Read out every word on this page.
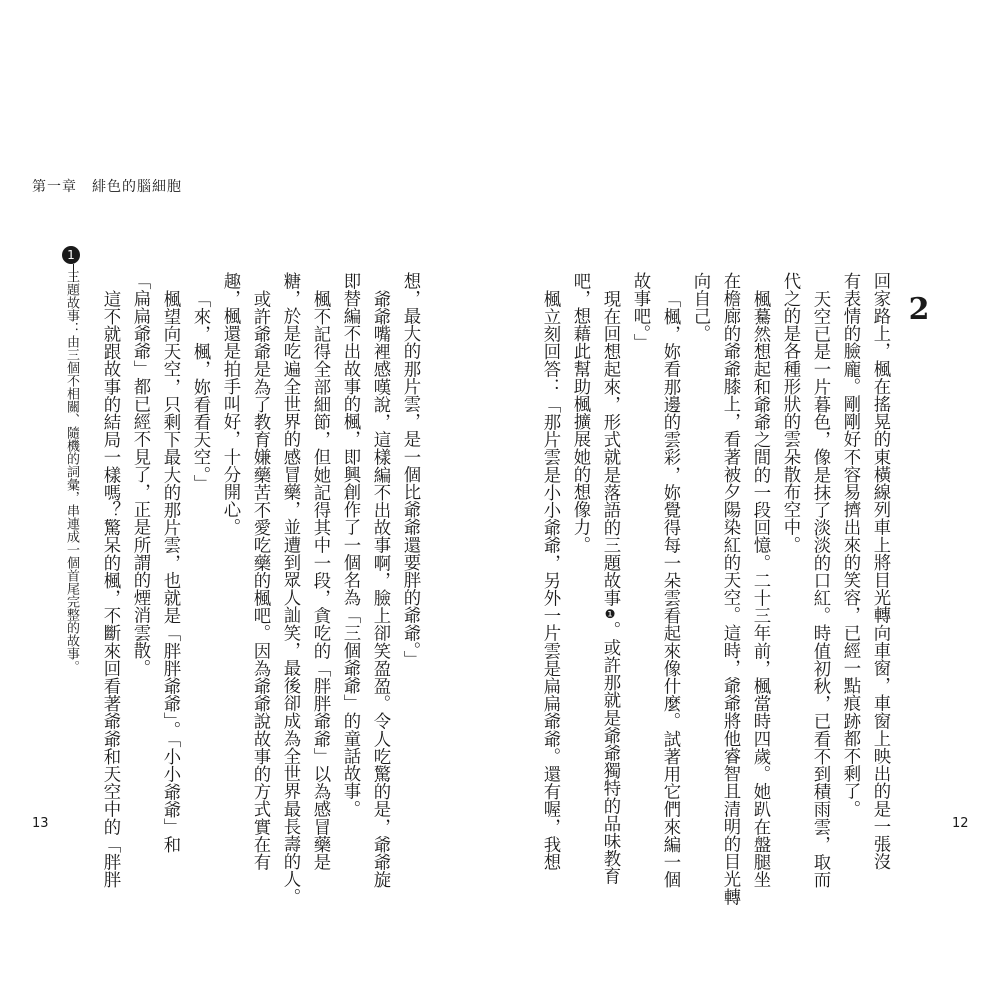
第一章　緋色的腦細胞
2
回家路上，楓在搖晃的東橫線列車上將目光轉向車窗，車窗上映出的是一張沒
有表情的臉龐。剛剛好不容易擠出來的笑容，已經一點痕跡都不剩了。
天空已是一片暮色，像是抹了淡淡的口紅。時值初秋，已看不到積雨雲，取而
代之的是各種形狀的雲朵散布空中。
楓驀然想起和爺爺之間的一段回憶。二十三年前，楓當時四歲。她趴在盤腿坐
在檐廊的爺爺膝上，看著被夕陽染紅的天空。這時，爺爺將他睿智且清明的目光轉
向自己。
「楓，妳看那邊的雲彩，妳覺得每一朵雲看起來像什麼。試著用它們來編一個
故事吧。」
現在回想起來，形式就是落語的三題故事❶。或許那就是爺爺獨特的品味教育
吧，想藉此幫助楓擴展她的想像力。
楓立刻回答：「那片雲是小小爺爺，另外一片雲是扁扁爺爺。還有喔，我想	12
想，最大的那片雲，是一個比爺爺還要胖的爺爺。」
爺爺嘴裡感嘆說，這樣編不出故事啊，臉上卻笑盈盈。令人吃驚的是，爺爺旋
即替編不出故事的楓，即興創作了一個名為「三個爺爺」的童話故事。
楓不記得全部細節，但她記得其中一段，貪吃的「胖胖爺爺」以為感冒藥是
糖，於是吃遍全世界的感冒藥，並遭到眾人訕笑，最後卻成為全世界最長壽的人。
或許爺爺是為了教育嫌藥苦不愛吃藥的楓吧。因為爺爺說故事的方式實在有
趣，楓還是拍手叫好，十分開心。
「來，楓，妳看看天空。」
楓望向天空，只剩下最大的那片雲，也就是「胖胖爺爺」。「小小爺爺」和
「扁扁爺爺」都已經不見了，正是所謂的煙消雲散。
這不就跟故事的結局一樣嗎？驚呆的楓，不斷來回看著爺爺和天空中的「胖胖
1
三題故事：由三個不相關、隨機的詞彙，串連成一個首尾完整的故事。
13
